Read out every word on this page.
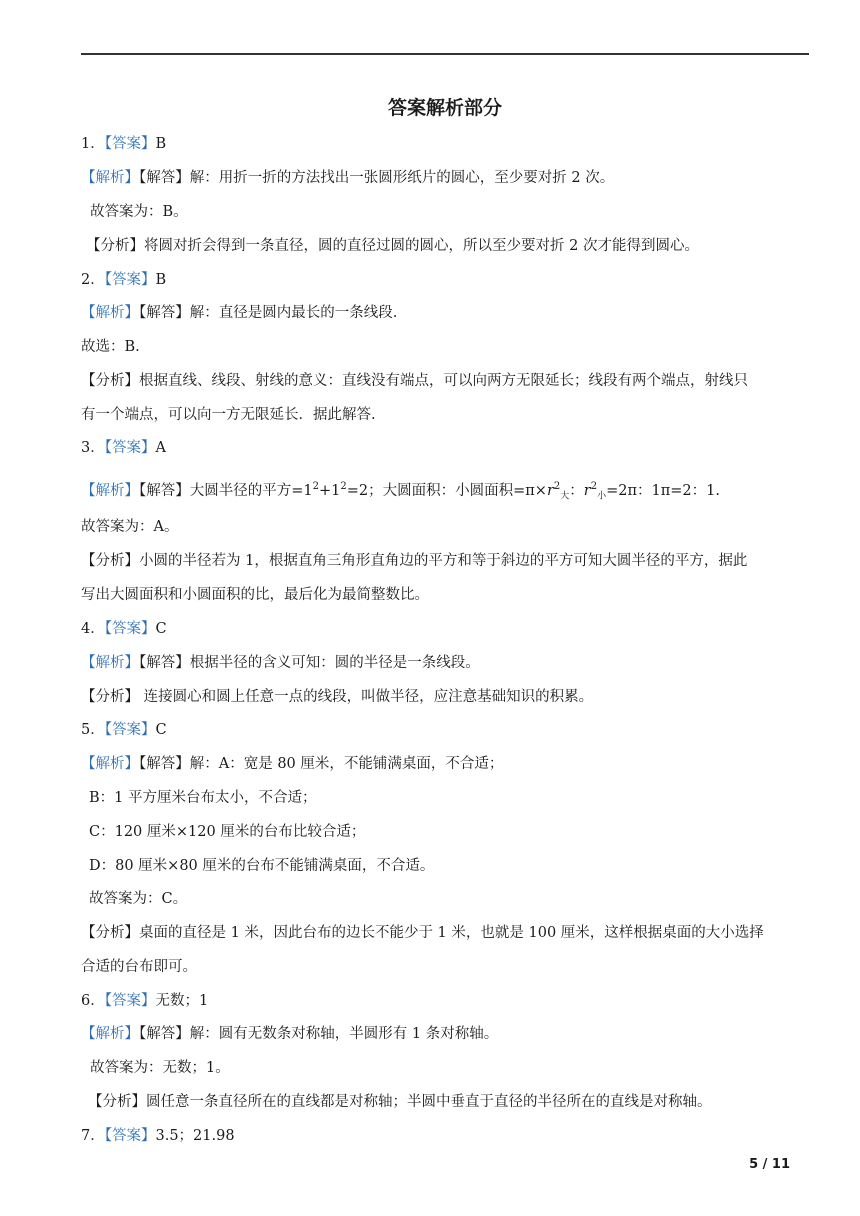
答案解析部分
1．【答案】B
【解析】【解答】解：用折一折的方法找出一张圆形纸片的圆心，至少要对折 2 次。
故答案为：B。
【分析】将圆对折会得到一条直径，圆的直径过圆的圆心，所以至少要对折 2 次才能得到圆心。
2．【答案】B
【解析】【解答】解：直径是圆内最长的一条线段.
故选：B.
【分析】根据直线、线段、射线的意义：直线没有端点，可以向两方无限延长；线段有两个端点，射线只
有一个端点，可以向一方无限延长．据此解答.
3．【答案】A
【解析】【解答】大圆半径的平方$=1^2+1^2=2$；大圆面积：小圆面积$=\pi\times r^2_大$：$r^2_小=2\pi$：1π=2：1.
故答案为：A。
【分析】小圆的半径若为 1，根据直角三角形直角边的平方和等于斜边的平方可知大圆半径的平方，据此
写出大圆面积和小圆面积的比，最后化为最简整数比。
4．【答案】C
【解析】【解答】根据半径的含义可知：圆的半径是一条线段。
【分析】 连接圆心和圆上任意一点的线段，叫做半径，应注意基础知识的积累。
5．【答案】C
【解析】【解答】解：A：宽是 80 厘米，不能铺满桌面，不合适；
B：1 平方厘米台布太小，不合适；
C：120 厘米×120 厘米的台布比较合适；
D：80 厘米×80 厘米的台布不能铺满桌面，不合适。
故答案为：C。
【分析】桌面的直径是 1 米，因此台布的边长不能少于 1 米，也就是 100 厘米，这样根据桌面的大小选择
合适的台布即可。
6．【答案】无数；1
【解析】【解答】解：圆有无数条对称轴，半圆形有 1 条对称轴。
故答案为：无数；1。
【分析】圆任意一条直径所在的直线都是对称轴；半圆中垂直于直径的半径所在的直线是对称轴。
7．【答案】3.5；21.98
5 / 11
